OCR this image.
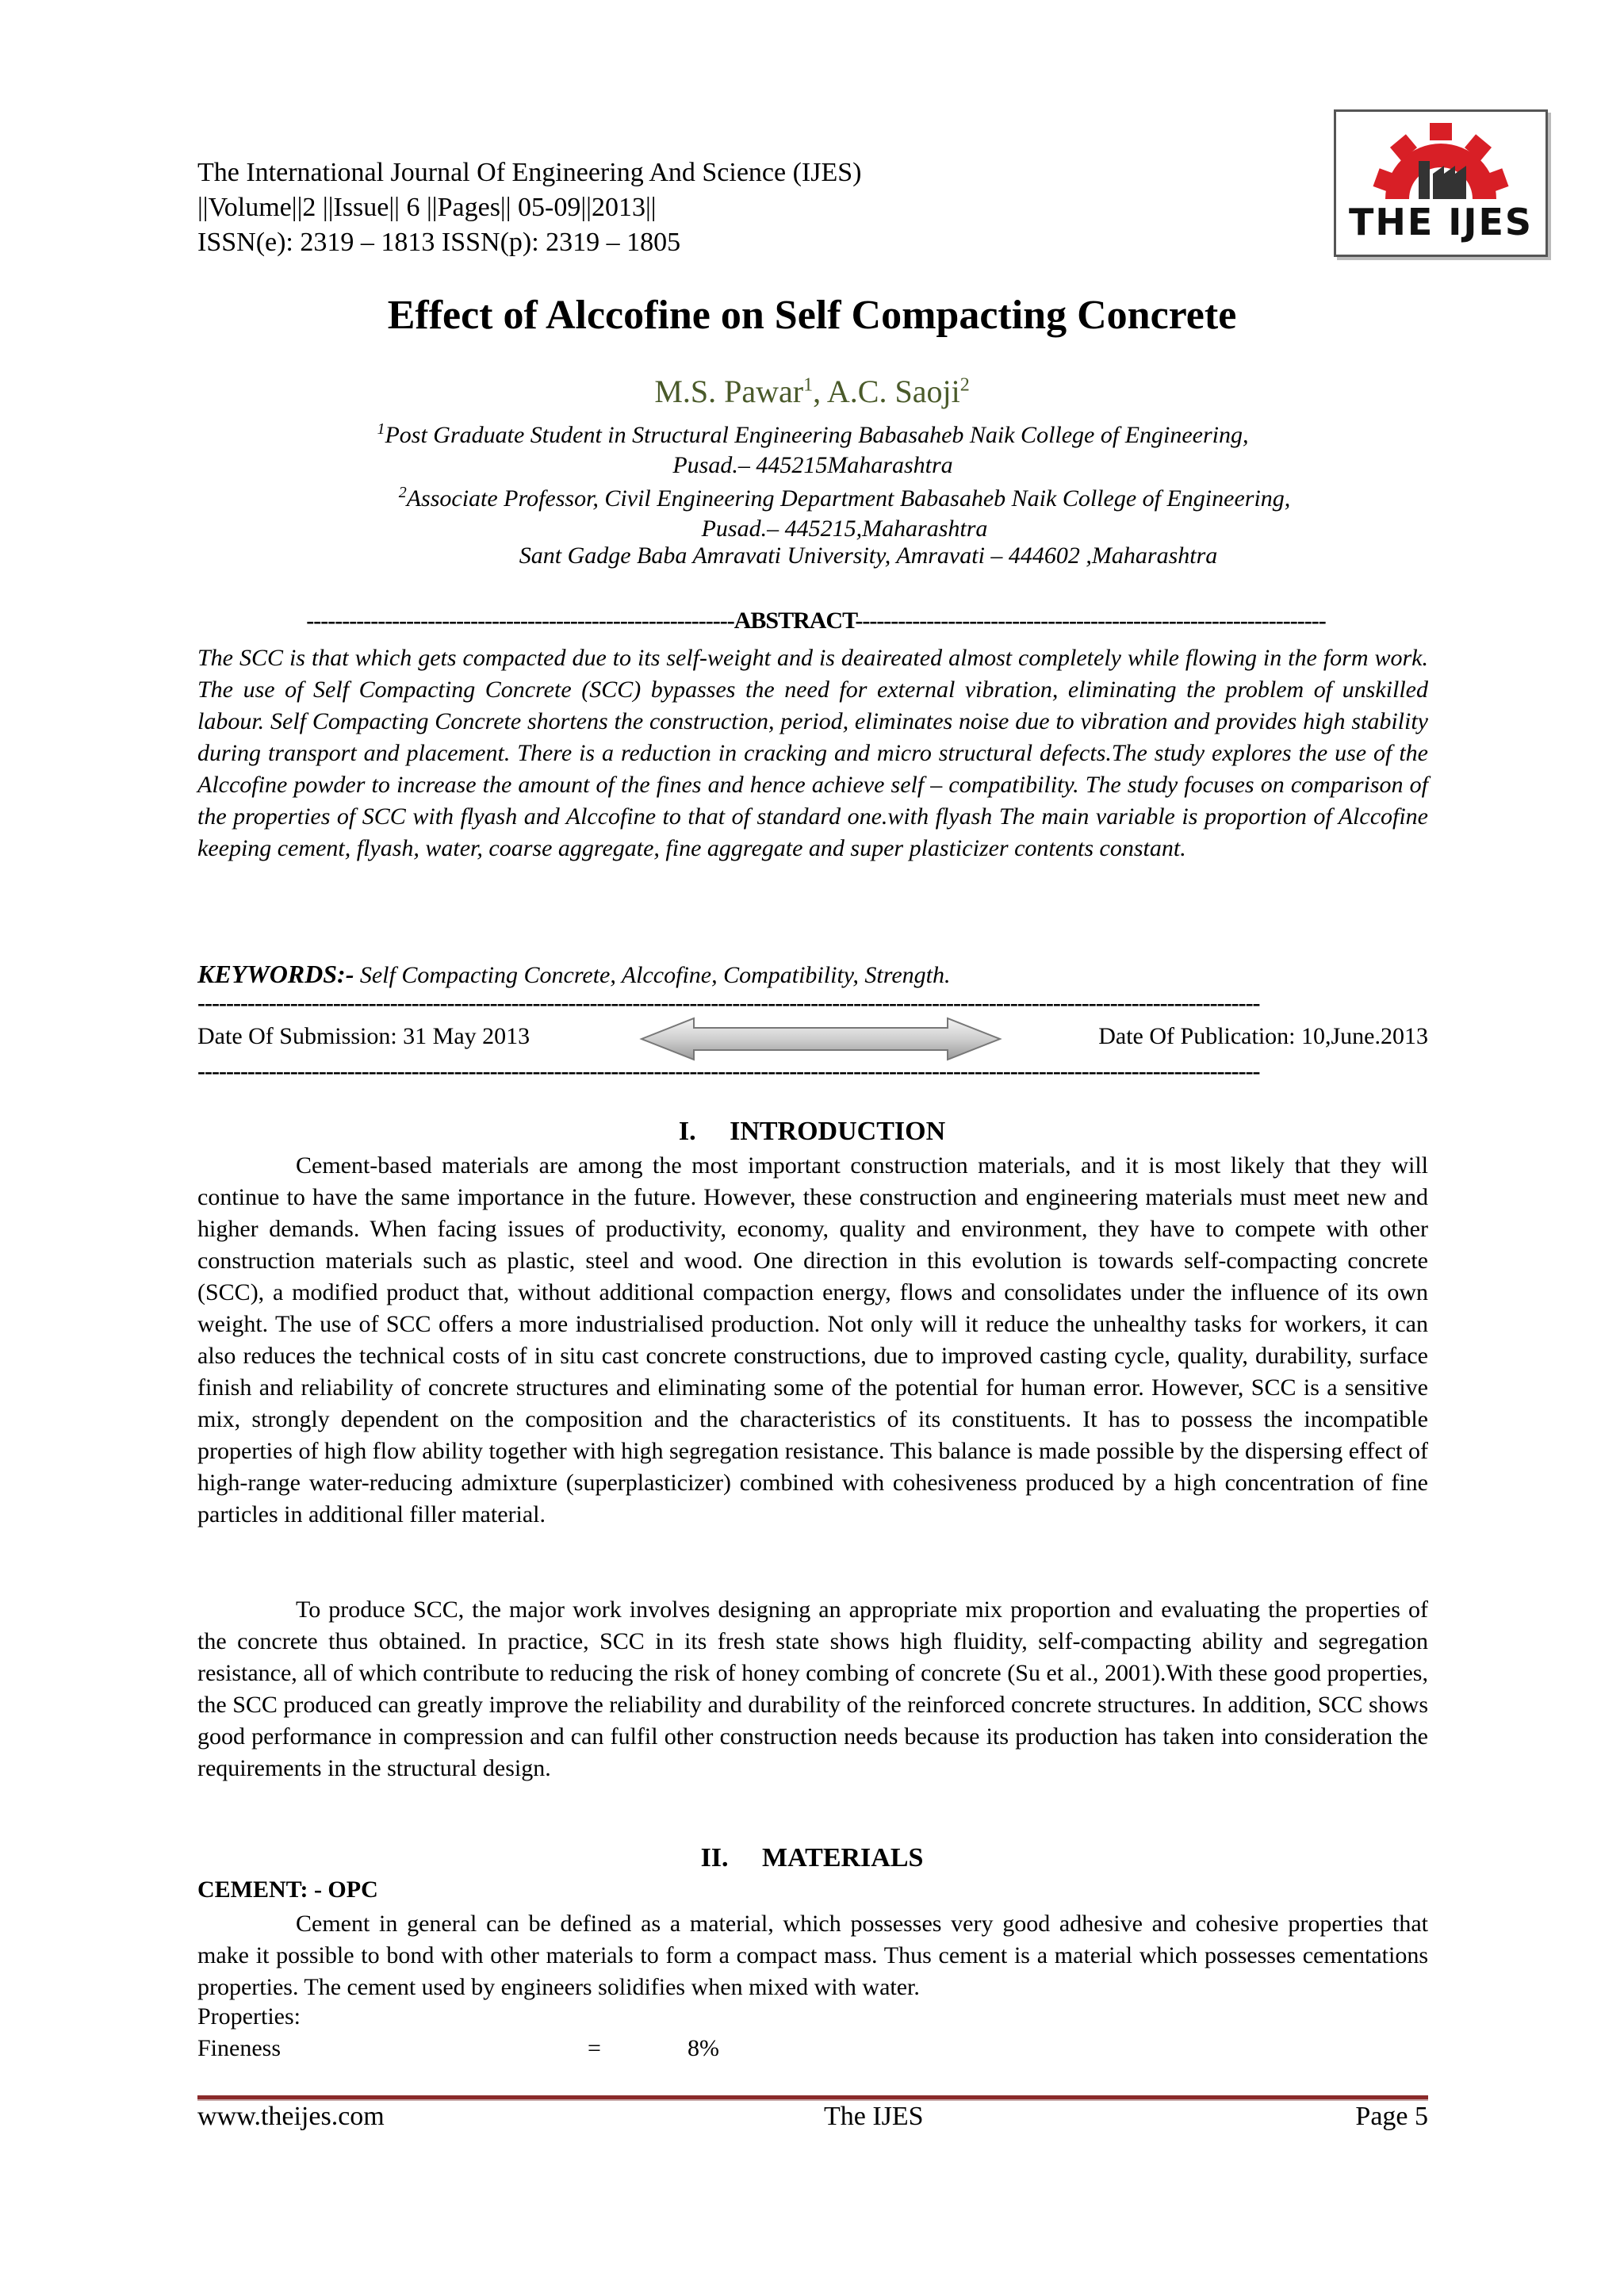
The International Journal Of Engineering And Science (IJES)
||Volume||2 ||Issue|| 6 ||Pages|| 05-09||2013||
ISSN(e): 2319 – 1813 ISSN(p): 2319 – 1805	THE IJES
Effect of Alccofine on Self Compacting Concrete
M.S. Pawar$^1$, A.C. Saoji$^2$
$^1$Post Graduate Student in Structural Engineering Babasaheb Naik College of Engineering,
Pusad.– 445215Maharashtra
$^2$Associate Professor, Civil Engineering Department Babasaheb Naik College of Engineering,
Pusad.– 445215,Maharashtra
Sant Gadge Baba Amravati University, Amravati – 444602 ,Maharashtra
------------------------------------------------------------ABSTRACT------------------------------------------------------------------
The SCC is that which gets compacted due to its self-weight and is deaireated almost completely while flowing in the form work. The use of Self Compacting Concrete (SCC) bypasses the need for external vibration, eliminating the problem of unskilled labour. Self Compacting Concrete shortens the construction, period, eliminates noise due to vibration and provides high stability during transport and placement. There is a reduction in cracking and micro structural defects.The study explores the use of the Alccofine powder to increase the amount of the fines and hence achieve self – compatibility. The study focuses on comparison of the properties of SCC with flyash and Alccofine to that of standard one.with flyash The main variable is proportion of Alccofine keeping cement, flyash, water, coarse aggregate, fine aggregate and super plasticizer contents constant.
KEYWORDS:- Self Compacting Concrete, Alccofine, Compatibility, Strength.
-----------------------------------------------------------------------------------------------------------------------------------------------------
Date Of Submission: 31 May 2013	Date Of Publication: 10,June.2013
-----------------------------------------------------------------------------------------------------------------------------------------------------
I. INTRODUCTION
Cement-based materials are among the most important construction materials, and it is most likely that they will continue to have the same importance in the future. However, these construction and engineering materials must meet new and higher demands. When facing issues of productivity, economy, quality and environment, they have to compete with other construction materials such as plastic, steel and wood. One direction in this evolution is towards self-compacting concrete (SCC), a modified product that, without additional compaction energy, flows and consolidates under the influence of its own weight. The use of SCC offers a more industrialised production. Not only will it reduce the unhealthy tasks for workers, it can also reduces the technical costs of in situ cast concrete constructions, due to improved casting cycle, quality, durability, surface finish and reliability of concrete structures and eliminating some of the potential for human error. However, SCC is a sensitive mix, strongly dependent on the composition and the characteristics of its constituents. It has to possess the incompatible properties of high flow ability together with high segregation resistance. This balance is made possible by the dispersing effect of high-range water-reducing admixture (superplasticizer) combined with cohesiveness produced by a high concentration of fine particles in additional filler material.
To produce SCC, the major work involves designing an appropriate mix proportion and evaluating the properties of the concrete thus obtained. In practice, SCC in its fresh state shows high fluidity, self-compacting ability and segregation resistance, all of which contribute to reducing the risk of honey combing of concrete (Su et al., 2001).With these good properties, the SCC produced can greatly improve the reliability and durability of the reinforced concrete structures. In addition, SCC shows good performance in compression and can fulfil other construction needs because its production has taken into consideration the requirements in the structural design.
II. MATERIALS
CEMENT: - OPC
Cement in general can be defined as a material, which possesses very good adhesive and cohesive properties that make it possible to bond with other materials to form a compact mass. Thus cement is a material which possesses cementations properties. The cement used by engineers solidifies when mixed with water.
Properties:
Fineness	=	8%
www.theijes.com	The IJES	Page 5
